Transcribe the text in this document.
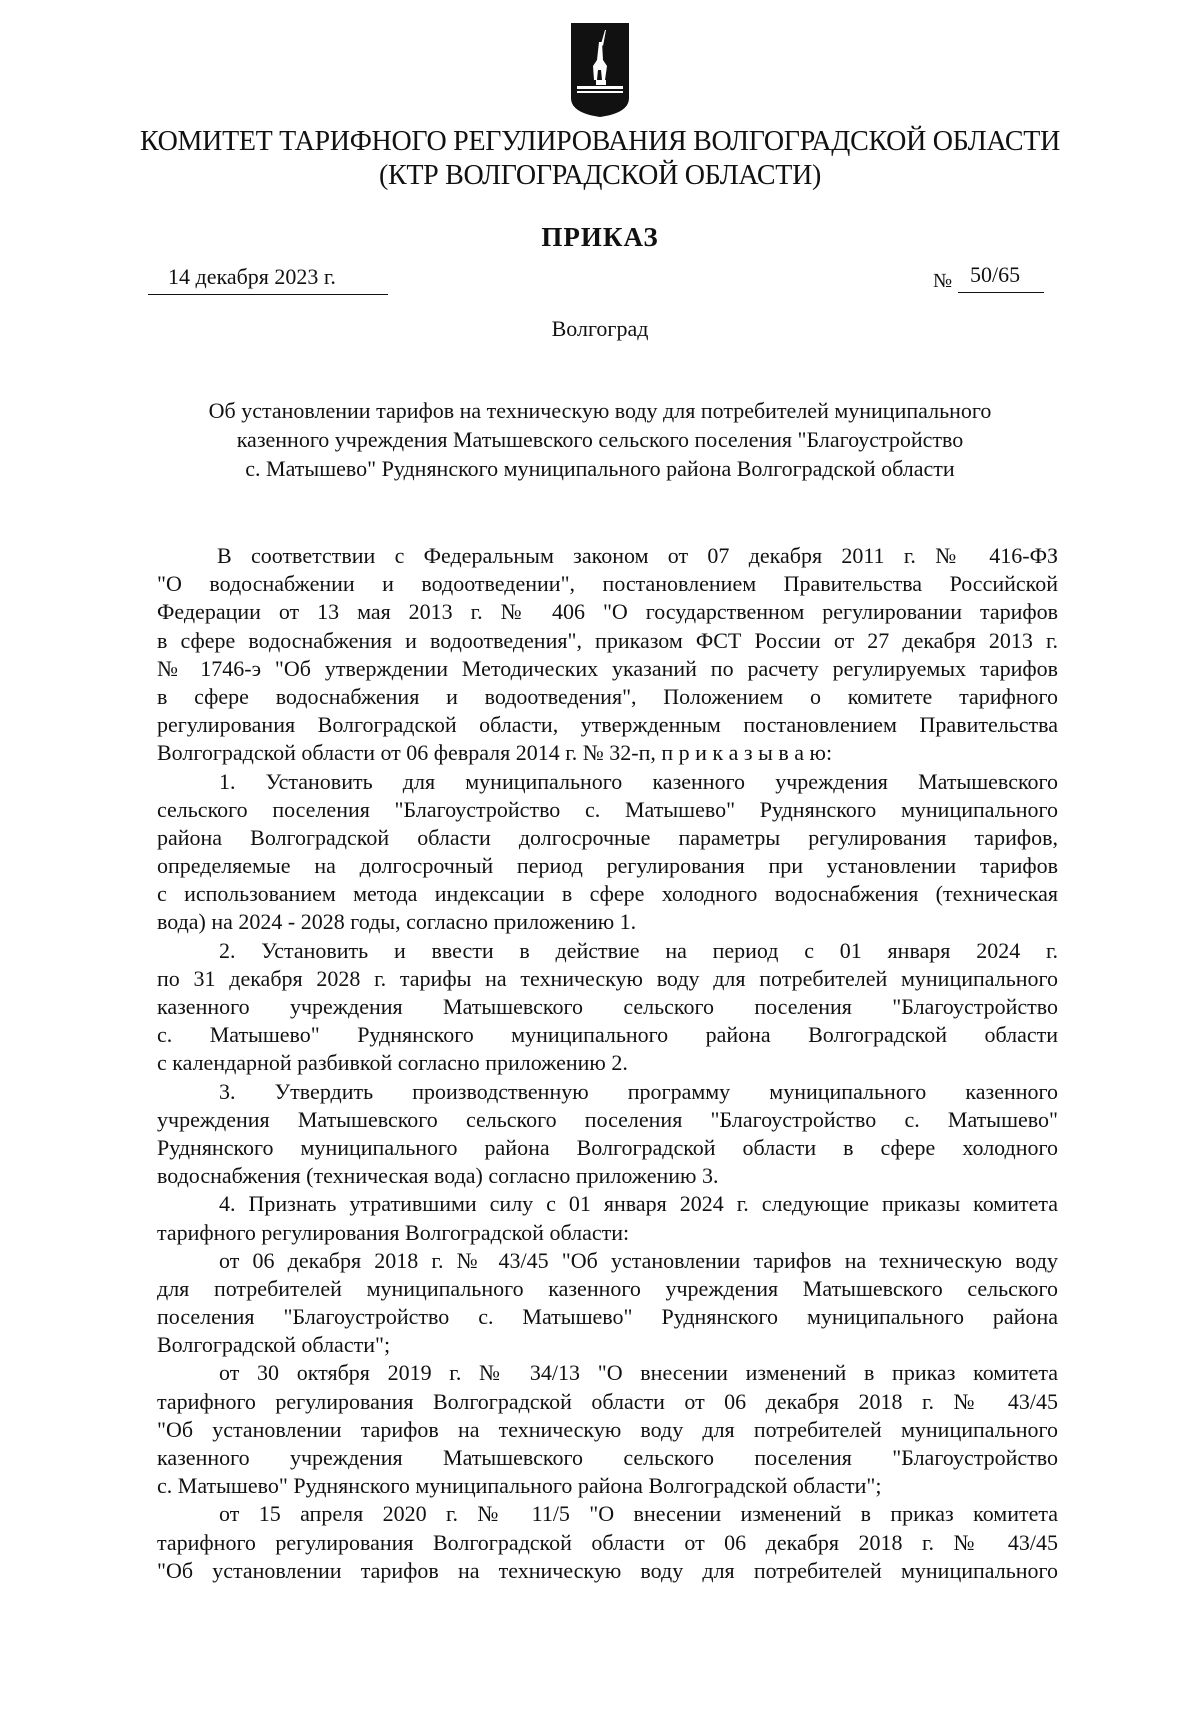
КОМИТЕТ ТАРИФНОГО РЕГУЛИРОВАНИЯ ВОЛГОГРАДСКОЙ ОБЛАСТИ
(КТР ВОЛГОГРАДСКОЙ ОБЛАСТИ)
ПРИКАЗ
14 декабря 2023 г.	№ 50/65
Волгоград
Об установлении тарифов на техническую воду для потребителей муниципального
казенного учреждения Матышевского сельского поселения "Благоустройство
с. Матышево" Руднянского муниципального района Волгоградской области
В соответствии с Федеральным законом от 07 декабря 2011 г. № 416-ФЗ
"О водоснабжении и водоотведении", постановлением Правительства Российской
Федерации от 13 мая 2013 г. № 406 "О государственном регулировании тарифов
в сфере водоснабжения и водоотведения", приказом ФСТ России от 27 декабря 2013 г.
№ 1746-э "Об утверждении Методических указаний по расчету регулируемых тарифов
в сфере водоснабжения и водоотведения", Положением о комитете тарифного
регулирования Волгоградской области, утвержденным постановлением Правительства
Волгоградской области от 06 февраля 2014 г. № 32-п, п р и к а з ы в а ю:
1. Установить для муниципального казенного учреждения Матышевского
сельского поселения "Благоустройство с. Матышево" Руднянского муниципального
района Волгоградской области долгосрочные параметры регулирования тарифов,
определяемые на долгосрочный период регулирования при установлении тарифов
с использованием метода индексации в сфере холодного водоснабжения (техническая
вода) на 2024 - 2028 годы, согласно приложению 1.
2. Установить и ввести в действие на период с 01 января 2024 г.
по 31 декабря 2028 г. тарифы на техническую воду для потребителей муниципального
казенного учреждения Матышевского сельского поселения "Благоустройство
с. Матышево" Руднянского муниципального района Волгоградской области
с календарной разбивкой согласно приложению 2.
3. Утвердить производственную программу муниципального казенного
учреждения Матышевского сельского поселения "Благоустройство с. Матышево"
Руднянского муниципального района Волгоградской области в сфере холодного
водоснабжения (техническая вода) согласно приложению 3.
4. Признать утратившими силу с 01 января 2024 г. следующие приказы комитета
тарифного регулирования Волгоградской области:
от 06 декабря 2018 г. № 43/45 "Об установлении тарифов на техническую воду
для потребителей муниципального казенного учреждения Матышевского сельского
поселения "Благоустройство с. Матышево" Руднянского муниципального района
Волгоградской области";
от 30 октября 2019 г. № 34/13 "О внесении изменений в приказ комитета
тарифного регулирования Волгоградской области от 06 декабря 2018 г. № 43/45
"Об установлении тарифов на техническую воду для потребителей муниципального
казенного учреждения Матышевского сельского поселения "Благоустройство
с. Матышево" Руднянского муниципального района Волгоградской области";
от 15 апреля 2020 г. № 11/5 "О внесении изменений в приказ комитета
тарифного регулирования Волгоградской области от 06 декабря 2018 г. № 43/45
"Об установлении тарифов на техническую воду для потребителей муниципального
